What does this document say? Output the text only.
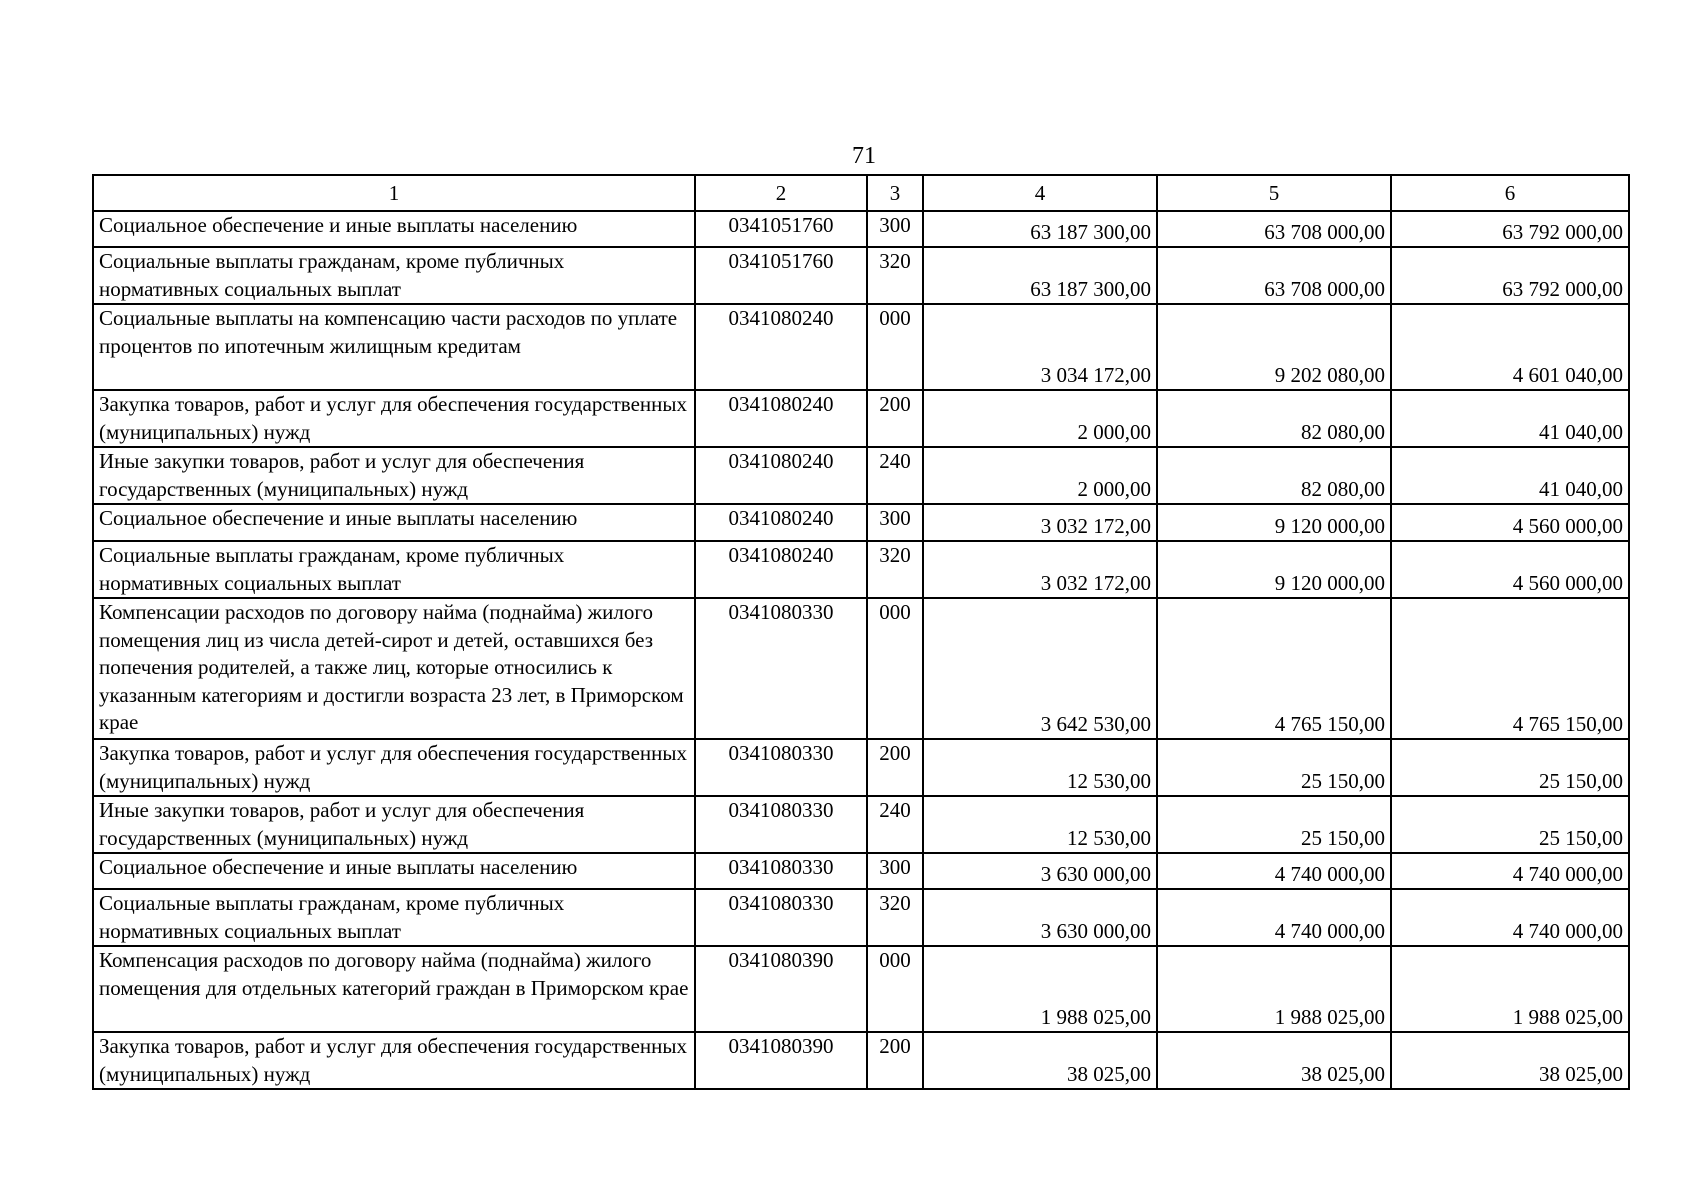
71
1	2	3	4	5	6
Социальное обеспечение и иные выплаты населению	0341051760	300	63 187 300,00	63 708 000,00	63 792 000,00
Социальные выплаты гражданам, кроме публичных нормативных социальных выплат	0341051760	320	63 187 300,00	63 708 000,00	63 792 000,00
Социальные выплаты на компенсацию части расходов по уплате процентов по ипотечным жилищным кредитам	0341080240	000	3 034 172,00	9 202 080,00	4 601 040,00
Закупка товаров, работ и услуг для обеспечения государственных (муниципальных) нужд	0341080240	200	2 000,00	82 080,00	41 040,00
Иные закупки товаров, работ и услуг для обеспечения государственных (муниципальных) нужд	0341080240	240	2 000,00	82 080,00	41 040,00
Социальное обеспечение и иные выплаты населению	0341080240	300	3 032 172,00	9 120 000,00	4 560 000,00
Социальные выплаты гражданам, кроме публичных нормативных социальных выплат	0341080240	320	3 032 172,00	9 120 000,00	4 560 000,00
Компенсации расходов по договору найма (поднайма) жилого помещения лиц из числа детей-сирот и детей, оставшихся без попечения родителей, а также лиц, которые относились к указанным категориям и достигли возраста 23 лет, в Приморском крае	0341080330	000	3 642 530,00	4 765 150,00	4 765 150,00
Закупка товаров, работ и услуг для обеспечения государственных (муниципальных) нужд	0341080330	200	12 530,00	25 150,00	25 150,00
Иные закупки товаров, работ и услуг для обеспечения государственных (муниципальных) нужд	0341080330	240	12 530,00	25 150,00	25 150,00
Социальное обеспечение и иные выплаты населению	0341080330	300	3 630 000,00	4 740 000,00	4 740 000,00
Социальные выплаты гражданам, кроме публичных нормативных социальных выплат	0341080330	320	3 630 000,00	4 740 000,00	4 740 000,00
Компенсация расходов по договору найма (поднайма) жилого помещения для отдельных категорий граждан в Приморском крае	0341080390	000	1 988 025,00	1 988 025,00	1 988 025,00
Закупка товаров, работ и услуг для обеспечения государственных (муниципальных) нужд	0341080390	200	38 025,00	38 025,00	38 025,00
